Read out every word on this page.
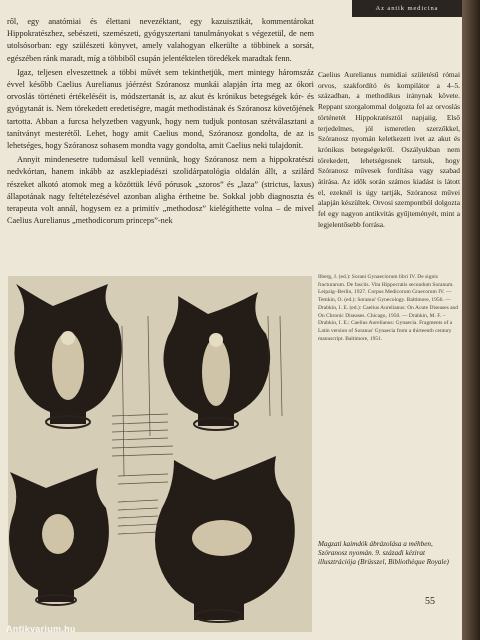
Az antik medicina

ről, egy anatómiai és élettani nevezéktant, egy kazuisztikát, kommentárokat Hippokratészhez, sebészeti, szemészeti, gyógyszertani tanulmányokat s végezetül, de nem utolsósorban: egy szülészeti könyvet, amely valahogyan elkerülte a többinek a sorsát, egészében ránk maradt, míg a többiből csupán jelentéktelen töredékek maradtak fenn.

Igaz, teljesen elveszettnek a többi művét sem tekinthetjük, mert mintegy háromszáz évvel később Caelius Aurelianus jóérzést Szóranosz munkái alapján írta meg az ókori orvoslás történeti értékeléséit is, módszertanát is, az akut és krónikus betegségek kór- és gyógytanát is. Nem törekedett eredetiségre, magát methodistának és Szóranosz követőjének tartotta. Abban a furcsa helyzetben vagyunk, hogy nem tudjuk pontosan szétválasztani a tanítványt mesterétől. Lehet, hogy amit Caelius mond, Szóranosz gondolta, de az is lehetséges, hogy Szóranosz sohasem mondta vagy gondolta, amit Caelius neki tulajdonít.

Annyit mindenesetre tudomásul kell vennünk, hogy Szóranosz nem a hippokratészi nedvkórtan, hanem inkább az aszklepiadészi szolidárpatológia oldalán állt, a szilárd részeket alkotó atomok meg a közöttük lévő pórusok „szoros” és „laza” (strictus, laxus) állapotának nagy feltételezésével azonban aligha érthetne be. Sokkal jobb diagnoszta és terapeuta volt annál, hogysem ez a primitív „methodosz” kielégíthette volna – de mivel Caelius Aurelianus „methodicorum princeps”-nek

Caelius Aurelianus numidiai születésű római orvos, szakfordító és kompilátor a 4–5. században, a methodikus iránynak követe. Reppant szorgalommal dolgozta fel az orvoslás történetét Hippokratésztól napjaiig. Első terjedelmes, jól ismeretlen szerzőkkel, Szóranosz nyomán keletkezett ivet az akut és krónikus betegségekről. Oszályukban nem törekedett, lehetségesnek tartsuk, hogy Szóranosz művesek fordítása vagy szabad átírása. Az idők során számos kiadást is látott el, ezeknél is úgy tartják, Szóranosz művei alapján készültek. Orvosi szempontból dolgozta fel egy nagyon antikvitás gyűjteményét, mint a legjelentősebb forrása.

Ilberg, J. (ed.): Sorani Gynaeciorum libri IV. De signis fracturarum. De fasciis. Vita Hippocratis secundum Soranum. Leipzig–Berlin, 1927. Corpus Medicorum Graecorum IV. — Temkin, O. (ed.): Soranus' Gynecology. Baltimore, 1956. — Drabkin, I. E. (ed.): Caelius Aurelianus: On Acute Diseases and On Chronic Diseases. Chicago, 1950. — Drabkin, M. F. – Drabkin, I. E.: Caelius Aurelianus: Gynaecia. Fragments of a Latin version of Soranus' Gynaecia from a thirteenth century manuscript. Baltimore, 1951.

Magzati kaimdók ábrázolása a méhben, Szóranosz nyomán. 9. századi kézirat illusztrációja (Brüsszel, Bibliothèque Royale)

55
Antikvarium.hu
